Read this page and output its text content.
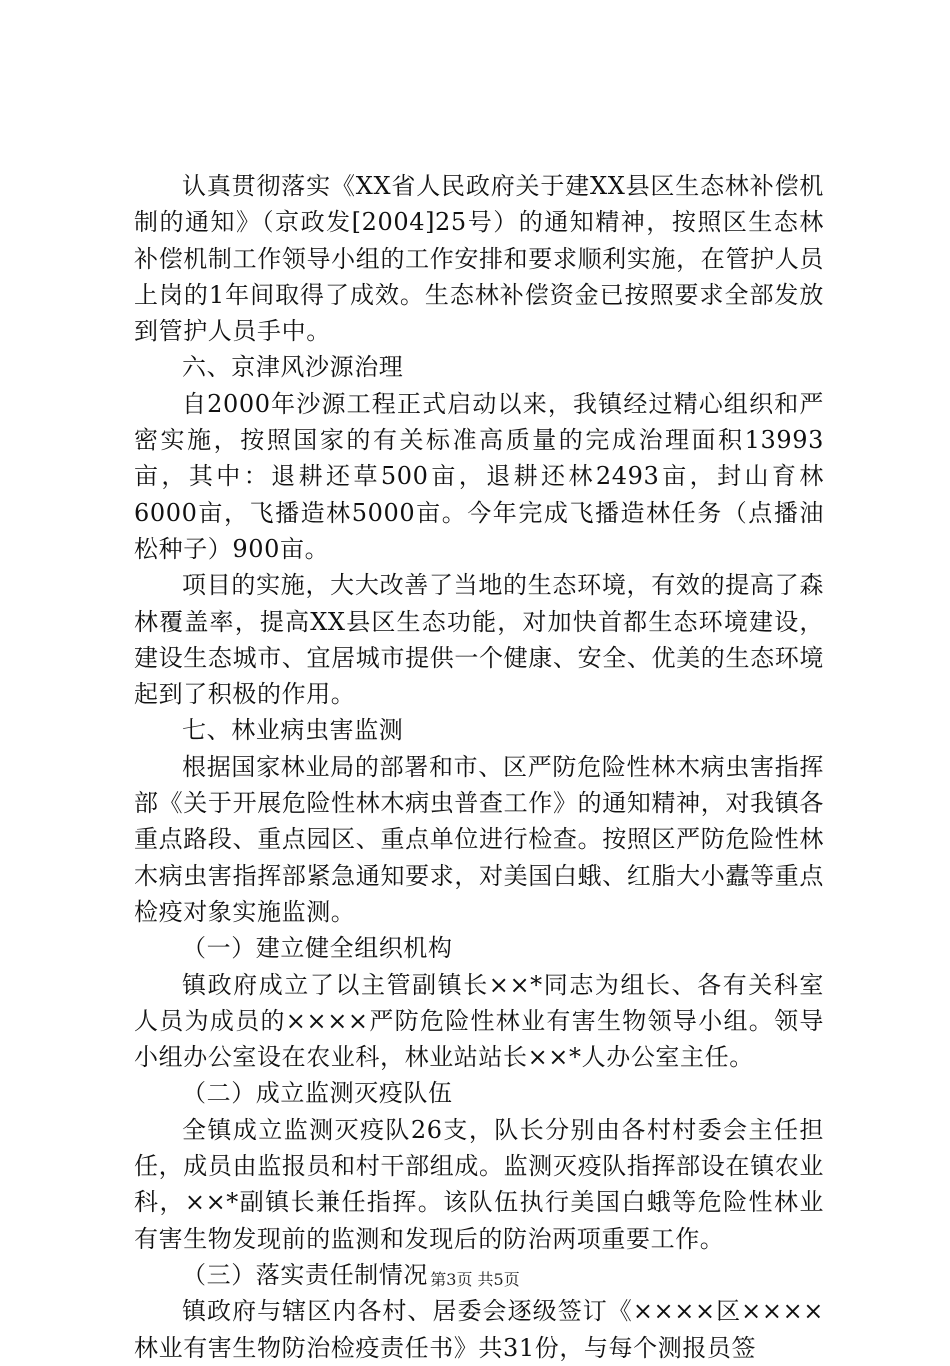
认真贯彻落实《XX省人民政府关于建XX县区生态林补偿机制的通知》（京政发[2004]25号）的通知精神，按照区生态林补偿机制工作领导小组的工作安排和要求顺利实施，在管护人员上岗的1年间取得了成效。生态林补偿资金已按照要求全部发放到管护人员手中。

六、京津风沙源治理

自2000年沙源工程正式启动以来，我镇经过精心组织和严密实施，按照国家的有关标准高质量的完成治理面积13993亩，其中：退耕还草500亩，退耕还林2493亩，封山育林6000亩，飞播造林5000亩。今年完成飞播造林任务（点播油松种子）900亩。

项目的实施，大大改善了当地的生态环境，有效的提高了森林覆盖率，提高XX县区生态功能，对加快首都生态环境建设，建设生态城市、宜居城市提供一个健康、安全、优美的生态环境起到了积极的作用。

七、林业病虫害监测

根据国家林业局的部署和市、区严防危险性林木病虫害指挥部《关于开展危险性林木病虫普查工作》的通知精神，对我镇各重点路段、重点园区、重点单位进行检查。按照区严防危险性林木病虫害指挥部紧急通知要求，对美国白蛾、红脂大小蠹等重点检疫对象实施监测。

（一）建立健全组织机构

镇政府成立了以主管副镇长××*同志为组长、各有关科室人员为成员的××××严防危险性林业有害生物领导小组。领导小组办公室设在农业科，林业站站长××*人办公室主任。

（二）成立监测灭疫队伍

全镇成立监测灭疫队26支，队长分别由各村村委会主任担任，成员由监报员和村干部组成。监测灭疫队指挥部设在镇农业科，××*副镇长兼任指挥。该队伍执行美国白蛾等危险性林业有害生物发现前的监测和发现后的防治两项重要工作。

（三）落实责任制情况

镇政府与辖区内各村、居委会逐级签订《××××区××××林业有害生物防治检疫责任书》共31份，与每个测报员签

第3页 共5页
